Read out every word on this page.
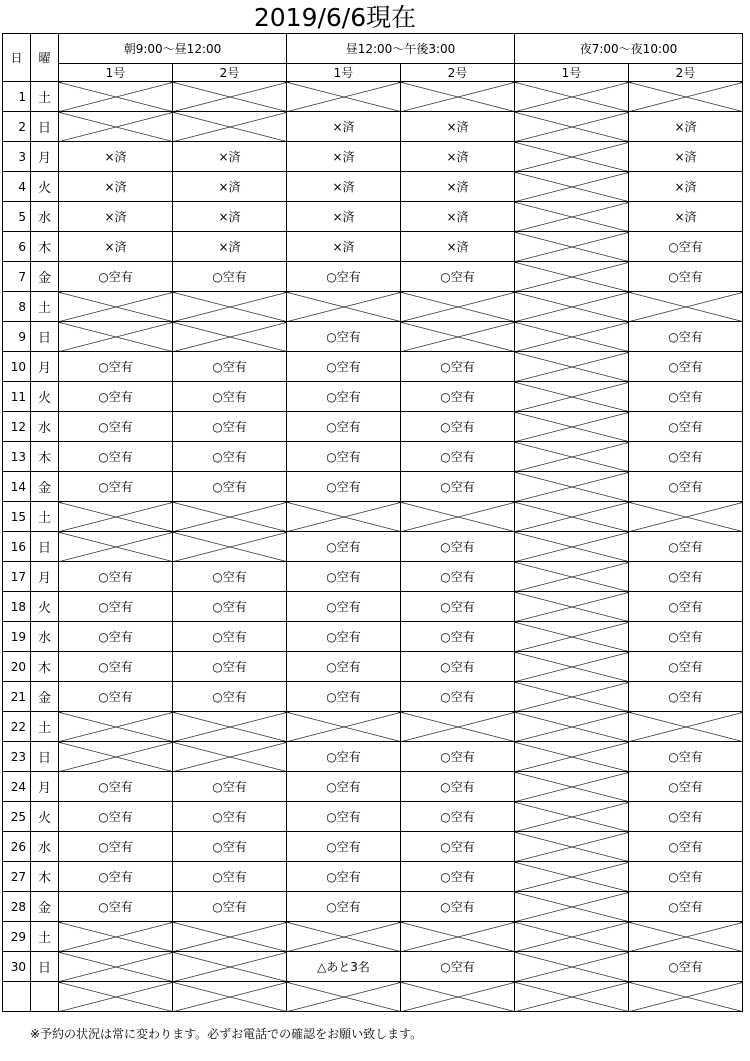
2019/6/6現在
日	曜	朝9:00～昼12:00		昼12:00～午後3:00		夜7:00～夜10:00	
		1号	2号	1号	2号	1号	2号
1	土						
2	日			×済	×済		×済
3	月	×済	×済	×済	×済		×済
4	火	×済	×済	×済	×済		×済
5	水	×済	×済	×済	×済		×済
6	木	×済	×済	×済	×済		○空有
7	金	○空有	○空有	○空有	○空有		○空有
8	土						
9	日			○空有			○空有
10	月	○空有	○空有	○空有	○空有		○空有
11	火	○空有	○空有	○空有	○空有		○空有
12	水	○空有	○空有	○空有	○空有		○空有
13	木	○空有	○空有	○空有	○空有		○空有
14	金	○空有	○空有	○空有	○空有		○空有
15	土						
16	日			○空有	○空有		○空有
17	月	○空有	○空有	○空有	○空有		○空有
18	火	○空有	○空有	○空有	○空有		○空有
19	水	○空有	○空有	○空有	○空有		○空有
20	木	○空有	○空有	○空有	○空有		○空有
21	金	○空有	○空有	○空有	○空有		○空有
22	土						
23	日			○空有	○空有		○空有
24	月	○空有	○空有	○空有	○空有		○空有
25	火	○空有	○空有	○空有	○空有		○空有
26	水	○空有	○空有	○空有	○空有		○空有
27	木	○空有	○空有	○空有	○空有		○空有
28	金	○空有	○空有	○空有	○空有		○空有
29	土						
30	日			△あと3名	○空有		○空有

※予約の状況は常に変わります。必ずお電話での確認をお願い致します。
